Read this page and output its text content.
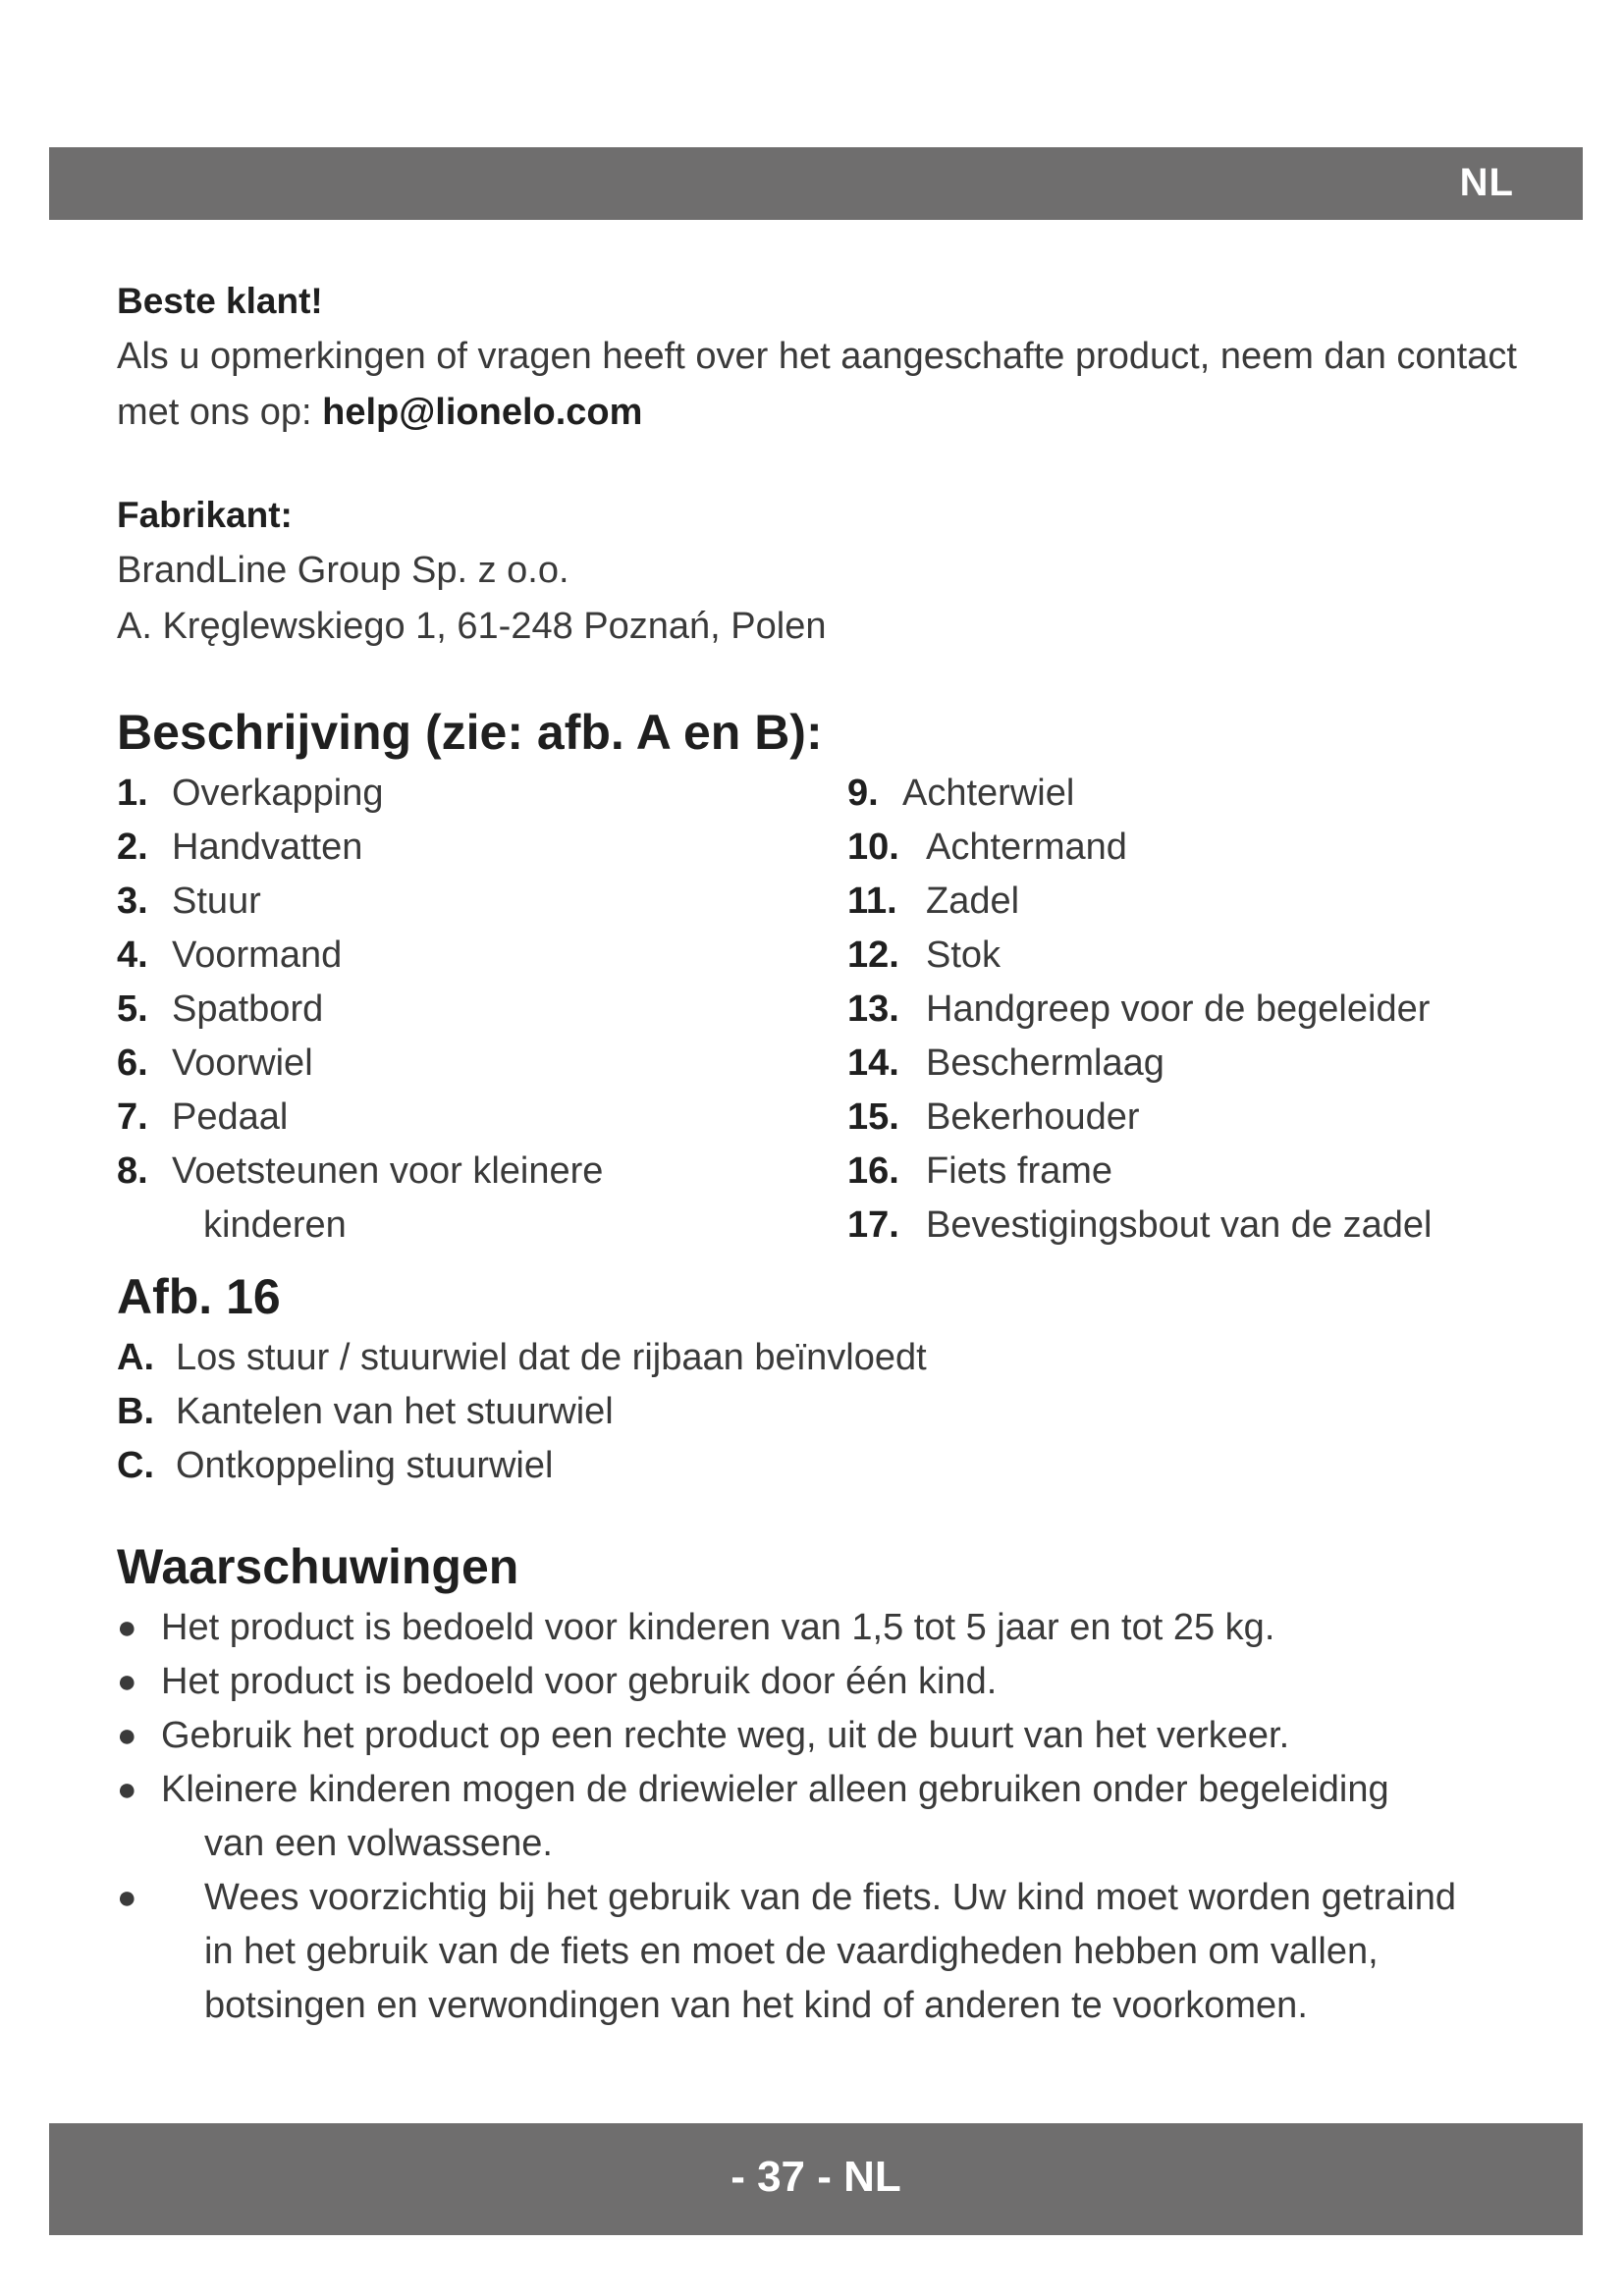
NL

Beste klant!

Als u opmerkingen of vragen heeft over het aangeschafte product, neem dan contact met ons op: help@lionelo.com

Fabrikant:

BrandLine Group Sp. z o.o.

A. Kręglewskiego 1, 61-248 Poznań, Polen

Beschrijving (zie: afb. A en B):
1. Overkapping
2. Handvatten
3. Stuur
4. Voormand
5. Spatbord
6. Voorwiel
7. Pedaal
8. Voetsteunen voor kleinere
kinderen
9. Achterwiel
10. Achtermand
11. Zadel
12. Stok
13. Handgreep voor de begeleider
14. Beschermlaag
15. Bekerhouder
16. Fiets frame
17. Bevestigingsbout van de zadel
Afb. 16
A. Los stuur / stuurwiel dat de rijbaan beïnvloedt
B. Kantelen van het stuurwiel
C. Ontkoppeling stuurwiel
Waarschuwingen
● Het product is bedoeld voor kinderen van 1,5 tot 5 jaar en tot 25 kg.
● Het product is bedoeld voor gebruik door één kind.
● Gebruik het product op een rechte weg, uit de buurt van het verkeer.
● Kleinere kinderen mogen de driewieler alleen gebruiken onder begeleiding
van een volwassene.
●	Wees voorzichtig bij het gebruik van de fiets. Uw kind moet worden getraind
in het gebruik van de fiets en moet de vaardigheden hebben om vallen,
botsingen en verwondingen van het kind of anderen te voorkomen.
- 37 - NL
